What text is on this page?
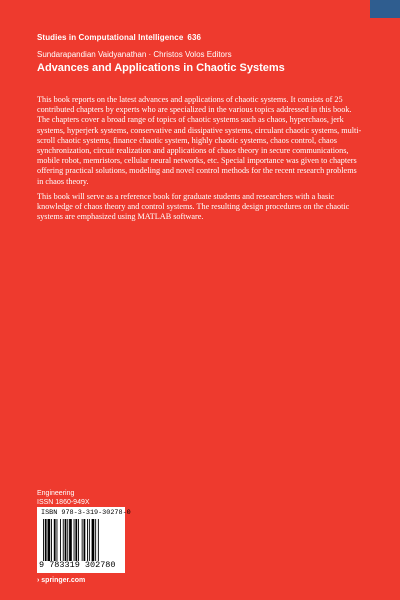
Studies in Computational Intelligence 636
Sundarapandian Vaidyanathan · Christos Volos Editors
Advances and Applications in Chaotic Systems

This book reports on the latest advances and applications of chaotic systems. It consists of 25 contributed chapters by experts who are specialized in the various topics addressed in this book. The chapters cover a broad range of topics of chaotic systems such as chaos, hyperchaos, jerk systems, hyperjerk systems, conservative and dissipative systems, circulant chaotic systems, multi-scroll chaotic systems, finance chaotic system, highly chaotic systems, chaos control, chaos synchronization, circuit realization and applications of chaos theory in secure communications, mobile robot, memristors, cellular neural networks, etc. Special importance was given to chapters offering practical solutions, modeling and novel control methods for the recent research problems in chaos theory.

This book will serve as a reference book for graduate students and researchers with a basic knowledge of chaos theory and control systems. The resulting design procedures on the chaotic systems are emphasized using MATLAB software.

Engineering
ISSN 1860-949X
ISBN 978-3-319-30278-0
9 783319 302780
› springer.com
